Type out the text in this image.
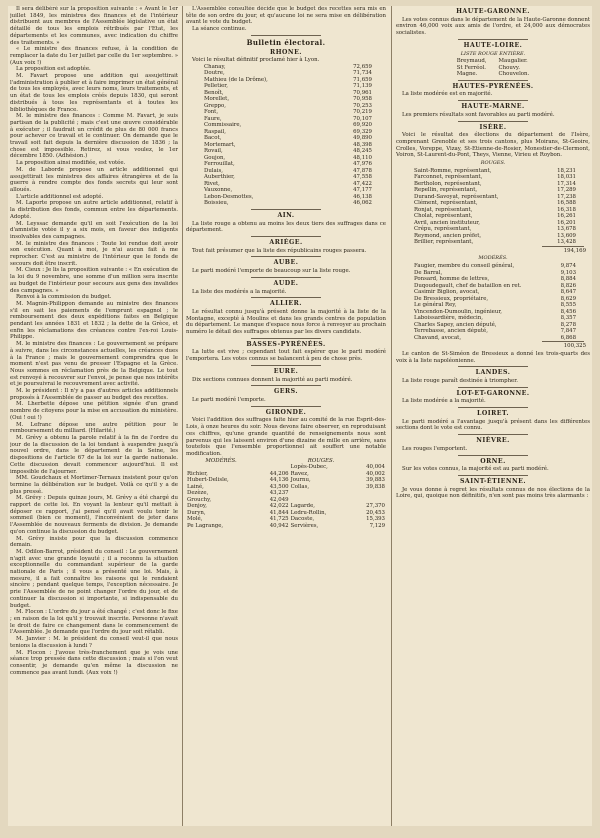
Il sera délibéré sur la proposition suivante : « Avant le 1er juillet 1849, les ministres des finances et de l'intérieur distribuent aux membres de l'Assemblée législative un état détaillé de tous les emplois rétribués par l'Etat, les départements et les communes, avec indication du chiffre des traitements. »

« Le ministre des finances refuse, à la condition de remplacer la date du 1er juillet par celle du 1er septembre. » (Aux voix !)

La proposition est adoptée.

M. Favart propose une addition qui assujettirait l'administration à publier et à faire imprimer un état général de tous les employés, avec leurs noms, leurs traitements, et un état de tous les emplois créés depuis 1830, qui seront distribués à tous les représentants et à toutes les bibliothèques de France.

M. le ministre des finances : Comme M. Favart, je suis partisan de la publicité ; mais c'est une œuvre considérable à exécuter ; il faudrait un crédit de plus de 80 000 francs pour achever ce travail et le continuer. On demande que le travail soit fait depuis la dernière discussion de 1836 ; la chose est impossible. Retirez, si vous voulez, le 1er décembre 1850. (Adhésion.)

La proposition ainsi modifiée, est votée.

M. de Laborde propose un article additionnel qui assujettirait les ministres des affaires étrangères et de la guerre à rendre compte des fonds secrets qui leur sont alloués.

L'article additionnel est adopté.

M. Laporte propose un autre article additionnel, relatif à la distribution des fonds, commun entre les départements. Adopté.

M. Leyssac demande qu'il en soit l'exécution de la loi d'amnistie votée il y a six mois, en faveur des indigents insolvables des campagnes.

M. le ministre des finances : Toute loi rendue doit avoir son exécution. Quant à moi, je n'ai aucun fait à me reprocher. C'est au ministre de l'intérieur que le fonds de secours doit être inscrit.

M. Cieux : Je lis la proposition suivante : « En exécution de la loi du 9 novembre, une somme d'un million sera inscrite au budget de l'intérieur pour secours aux gens des invalides des campagnes. »

Renvoi à la commission du budget.

M. Magnin-Philippon demande au ministre des finances s'il en sait les paiements de l'emprunt espagnol ; le remboursement des deux expéditions faites en Belgique pendant les années 1831 et 1832 ; la dette de la Grèce, et enfin les réclamations des créances contre l'ex-roi Louis-Philippe.

M. le ministre des finances : Le gouvernement se prépare à suivre, dans les circonstances actuelles, les créances dues à la France ; mais le gouvernement comprendra que le moment n'est pas venu de presser l'Espagne et la Grèce. Nous sommes en réclamation près de la Belgique. Le tout est renvoyé à recouvrer sur l'envoi, je pense que nos intérêts et je poursuivrai le recouvrement avec activité.

M. le président : Il n'y a pas d'autres articles additionnels proposés à l'Assemblée de passer au budget des recettes.

M. Lherbette dépose une pétition signée d'un grand nombre de citoyens pour la mise en accusation du ministère. (Oui ! oui !)

M. Lefranc dépose une autre pétition pour le remboursement du milliard. (Hilarité.)

M. Grévy a obtenu la parole relatif à la fin de l'ordre du jour de la discussion de la loi tendant à suspendre jusqu'à nouvel ordre, dans le département de la Seine, les dispositions de l'article 67 de la loi sur la garde nationale. Cette discussion devait commencer aujourd'hui. Il est impossible de l'ajourner.

MM. Goudchaux et Mortimer-Ternaux insistent pour qu'on termine la délibération sur le budget. Voilà ce qu'il y a de plus pressé.

M. Grévy : Depuis quinze jours, M. Grévy a été chargé du rapport de cette loi. En voyant la lenteur qu'il mettait à déposer ce rapport, j'ai pensé qu'il avait voulu tenir le sommeil (bien ce moment), l'inconvénient de jeter dans l'Assemblée de nouveaux ferments de division. Je demande qu'on continue la discussion du budget.

M. Grévy insiste pour que la discussion commence demain.

M. Odilon-Barrot, président du conseil : Le gouvernement n'agit avec une grande loyauté ; il a reconnu la situation exceptionnelle du commandant supérieur de la garde nationale de Paris ; il vous a présenté une loi. Mais, à mesure, il a fait connaître les raisons qui le rendaient sincère ; pendant quelque temps, l'exception nécessaire. Je prie l'Assemblée de ne point changer l'ordre du jour, et de continuer la discussion si importante, si indispensable du budget.

M. Flocon : L'ordre du jour a été changé ; c'est donc le fixe ; en raison de la loi qu'il y trouvait inscrite. Personne n'avait le droit de faire ce changement dans le commencement de l'Assemblée. Je demande que l'ordre du jour soit rétabli.

M. Janvier : M. le président du conseil veut-il que nous tenions la discussion à lundi ?

M. Flocon : J'avoue très-franchement que je vois une séance trop pressée dans cette discussion ; mais si l'on veut consentir, je demande qu'en même la discussion ne commence pas avant lundi. (Aux voix !)

L'Assemblée consultée décide que le budget des recettes sera mis en tête de son ordre du jour, et qu'aucune loi ne sera mise en délibération avant le vote du budget.

La séance continue.

Bulletin électoral.
RHONE.

Voici le résultat définitif proclamé hier à Lyon.

Chanay,	72,659
Doutre,	71,734
Mathieu (de la Drôme),	71,659
Pelletier,	71,139
Benoît,	70,961
Morellet,	70,958
Greppo,	70,253
Font,	70,219
Faure,	70,107
Commissaire,	69,920
Raspail,	69,329
Bacot,	49,890
Mortemart,	48,398
Rovail,	48,245
Goujon,	48,110
Ferrouillat,	47,976
Dulais,	47,878
Auberthier,	47,558
Rivet,	47,422
Vauxonne,	47,177
Lebon-Desmottes,	46,138
Boissieu,	46,062
AIN.

La liste rouge a obtenu au moins les deux tiers des suffrages dans ce département.

ARIÉGE.

Tout fait présumer que la liste des républicains rouges passera.

AUBE.

Le parti modéré l'emporte de beaucoup sur la liste rouge.

AUDE.

La liste des modérés a la majorité.

ALLIER.

Le résultat connu jusqu'à présent donne la majorité à la liste de la Montagne, excepté à Moulins et dans les grands centres de population du département. Le manque d'espace nous force à renvoyer au prochain numéro le détail des suffrages obtenus par les divers candidats.

BASSES-PYRÉNÉES.

La lutte est vive ; cependant tout fait espérer que le parti modéré l'emportera. Les votes connus se balancent à peu de chose près.

EURE.

Dix sections connues donnent la majorité au parti modéré.

GERS.

Le parti modéré l'emporte.

GIRONDE.

Voici l'addition des suffrages faite hier au comité de la rue Esprit-des-Lois, à onze heures du soir. Nous devons faire observer, en reproduisant ces chiffres, qu'une grande quantité de renseignements nous sont parvenus qui les laissent environ d'une dizaine de mille en arrière, sans toutefois que l'ensemble proportionnel ait souffert une notable modification.

MODÉRÉS.		ROUGES.	
		Lopès-Dubec,	40,004
Richier,	44,206	Ravez,	40,002
Hubert-Delisle,	44,136	Journu,	39,883
Lainé,	43,500	Collas,	39,838
Dezèze,	43,237		
Grouchy,	42,049		
Denjoy,	42,022	Lagarde,	27,370
Duryn,	41,844	Ledru-Rollin,	20,453
Molé,	41,725	Dacoste,	15,393
Pe Lagrange,	40,942	Servières,	7,129
HAUTE-GARONNE.

Les votes connus dans le département de la Haute-Garonne donnent environ 46,000 voix aux amis de l'ordre, et 24,000 aux démocrates socialistes.

HAUTE-LOIRE.
LISTE ROUGE ENTIÈRE.
Breymaud,	Maugalier.
St Ferréol.	Chouvy.
Magne.	Chouvelon.
HAUTES-PYRÉNÉES.

La liste modérée est en majorité.

HAUTE-MARNE.

Les premiers résultats sont favorables au parti modéré.

ISÈRE.

Voici le résultat des élections du département de l'Isère, comprenant Grenoble et ses trois cantons, plus Moirans, St-Geoire, Crolles, Voreppe, Vizay, St-Etienne-de-Rosier, Monestier-de-Clermont, Voiron, St-Laurent-du-Pont, Theys, Vienne, Virieu et Roybon.

ROUGES.
Saint-Romme, représentant,	18,231
Farconnet, représentant,	18,031
Bertholon, représentant,	17,314
Repellin, représentant,	17,289
Durand-Savoyat, représentant,	17,238
Clément, représentant,	16,588
Ronjat, représentant,	16,318
Cholat, représentant,	16,261
Avril, ancien instituteur,	16,201
Crépu, représentant,	13,678
Reymond, ancien préfet,	13,609
Brillier, représentant,	13,428
194,169
MODÉRÉS.
Faugier, membre du conseil général,	9,874
De Barral,	9,103
Ponsard, homme de lettres,	8,884
Duqoudegault, chef de bataillon en ret.	8,826
Casimir Biglion, avocat,	8,647
De Bressieux, propriétaire,	8,629
Le général Rey,	8,555
Vincendon-Dumoulin, ingénieur,	8,456
Laboissardière, médecin,	8,357
Charles Sapey, ancien député,	8,278
Terrebasse, ancien député,	7,847
Chavand, avocat,	6,868
100,325

Le canton de St-Siméon de Bressieux a donné les trois-quarts des voix à la liste napoléonienne.

LANDES.

La liste rouge paraît destinée à triompher.

LOT-ET-GARONNE.

La liste modérée a la majorité.

LOIRET.

Le parti modéré a l'avantage jusqu'à présent dans les différentes sections dont le vote est connu.

NIÈVRE.

Les rouges l'emportent.

ORNE.

Sur les votes connus, la majorité est au parti modéré.

SAINT-ÉTIENNE.

Je vous donne à regret les résultats connus de nos élections de la Loire, qui, quoique non définitifs, n'en sont pas moins très alarmants :
